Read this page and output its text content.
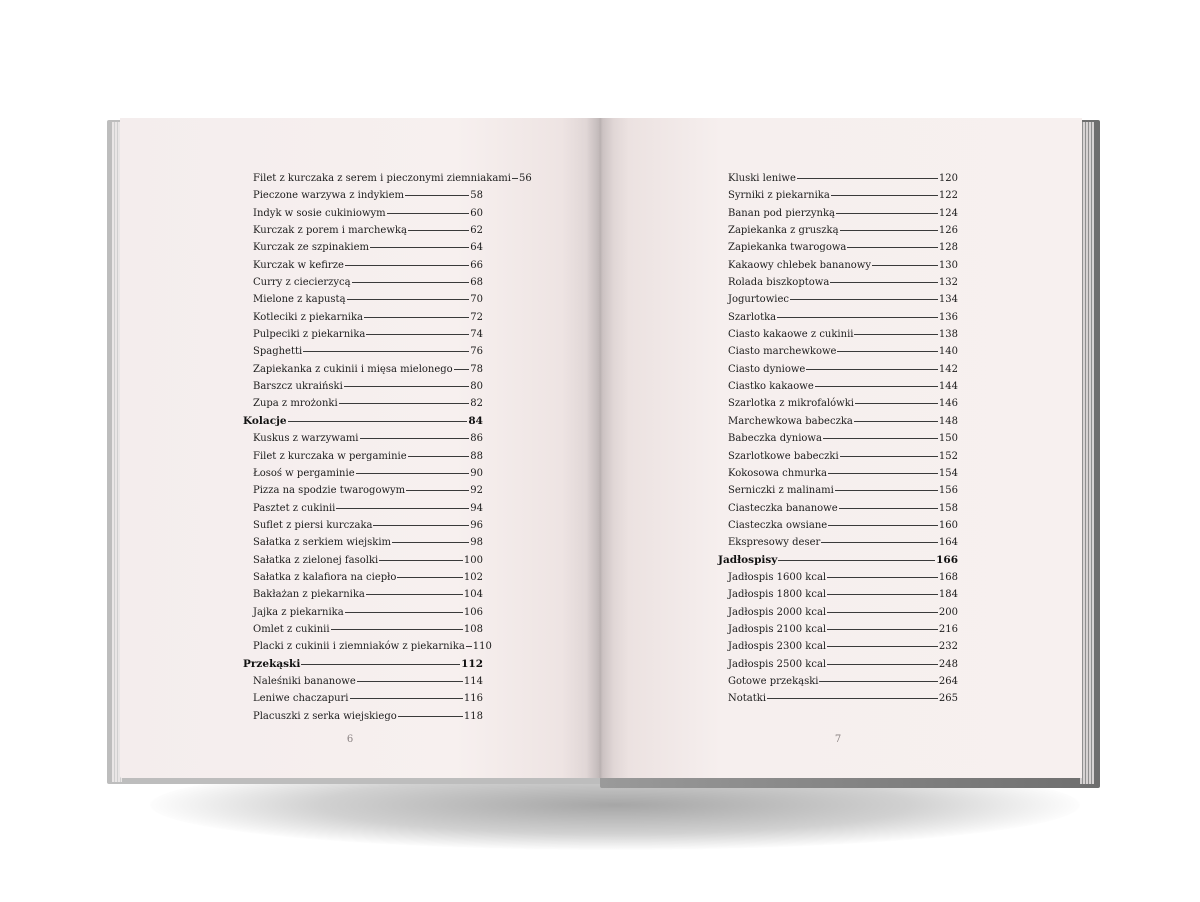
Filet z kurczaka z serem i pieczonymi ziemniakami 56
Pieczone warzywa z indykiem	58
Indyk w sosie cukiniowym	60
Kurczak z porem i marchewką	62
Kurczak ze szpinakiem	64
Kurczak w kefirze	66
Curry z ciecierzycą	68
Mielone z kapustą	70
Kotleciki z piekarnika	72
Pulpeciki z piekarnika	74
Spaghetti	76
Zapiekanka z cukinii i mięsa mielonego 78
Barszcz ukraiński	80
Zupa z mrożonki	82
Kolacje	84
Kuskus z warzywami	86
Filet z kurczaka w pergaminie	88
Łosoś w pergaminie	90
Pizza na spodzie twarogowym	92
Pasztet z cukinii	94
Suflet z piersi kurczaka	96
Sałatka z serkiem wiejskim	98
Sałatka z zielonej fasolki	100
Sałatka z kalafiora na ciepło	102
Bakłażan z piekarnika	104
Jajka z piekarnika	106
Omlet z cukinii	108
Placki z cukinii i ziemniaków z piekarnika 110
Przekąski	112
Naleśniki bananowe	114
Leniwe chaczapuri	116
Placuszki z serka wiejskiego	118
Kluski leniwe	120
Syrniki z piekarnika	122
Banan pod pierzynką	124
Zapiekanka z gruszką	126
Zapiekanka twarogowa	128
Kakaowy chlebek bananowy	130
Rolada biszkoptowa	132
Jogurtowiec	134
Szarlotka	136
Ciasto kakaowe z cukinii	138
Ciasto marchewkowe	140
Ciasto dyniowe	142
Ciastko kakaowe	144
Szarlotka z mikrofalówki	146
Marchewkowa babeczka	148
Babeczka dyniowa	150
Szarlotkowe babeczki	152
Kokosowa chmurka	154
Serniczki z malinami	156
Ciasteczka bananowe	158
Ciasteczka owsiane	160
Ekspresowy deser	164
Jadłospisy	166
Jadłospis 1600 kcal	168
Jadłospis 1800 kcal	184
Jadłospis 2000 kcal	200
Jadłospis 2100 kcal	216
Jadłospis 2300 kcal	232
Jadłospis 2500 kcal	248
Gotowe przekąski	264
Notatki	265
6	7
